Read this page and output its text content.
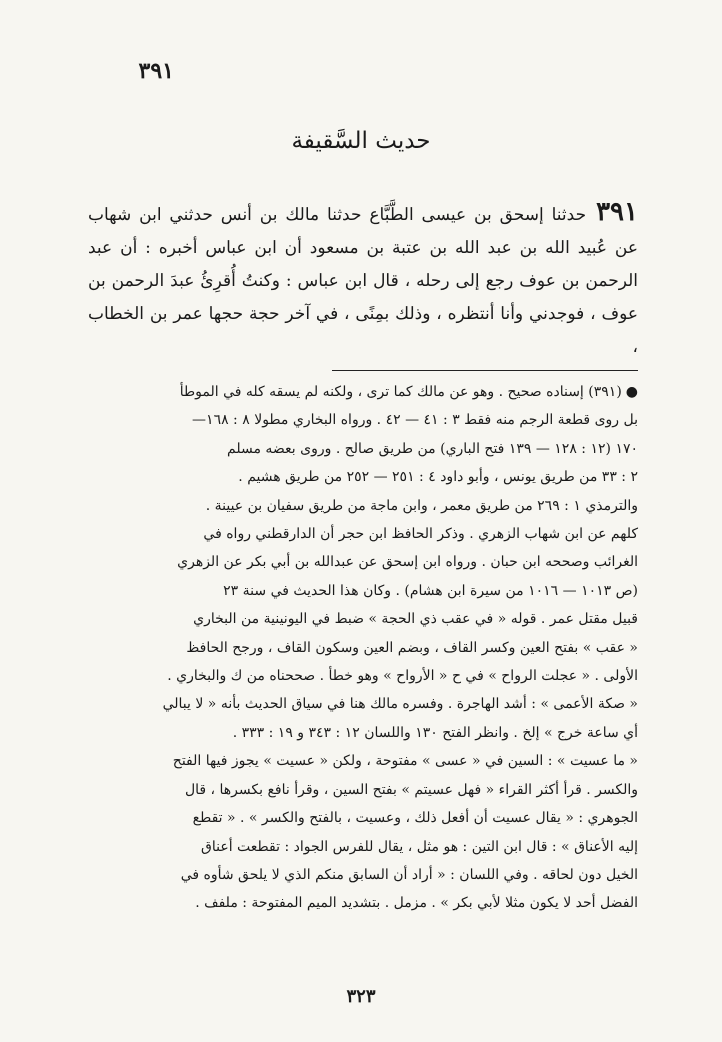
٣٩١
حديث السَّقيفة
٣٩١حدثنا إسحق بن عيسى الطَّبَّاع حدثنا مالك بن أنس حدثني ابن شهاب عن عُبيد الله بن عبد الله بن عتبة بن مسعود أن ابن عباس أخبره : أن عبد الرحمن بن عوف رجع إلى رحله ، قال ابن عباس : وكنتُ أُقرِئُ عبدَ الرحمن بن عوف ، فوجدني وأنا أنتظره ، وذلك بمِنًى ، في آخر حجة حجها عمر بن الخطاب ،

●(٣٩١) إسناده صحيح . وهو عن مالك كما ترى ، ولكنه لم يسقه كله في الموطأ

بل روى قطعة الرجم منه فقط ٣ : ٤١ — ٤٢ . ورواه البخاري مطولا ٨ : ١٦٨—

١٧٠ (١٢ : ١٢٨ — ١٣٩ فتح الباري) من طريق صالح . وروى بعضه مسلم

٢ : ٣٣ من طريق يونس ، وأبو داود ٤ : ٢٥١ — ٢٥٢ من طريق هشيم .

والترمذي ١ : ٢٦٩ من طريق معمر ، وابن ماجة من طريق سفيان بن عيينة .

كلهم عن ابن شهاب الزهري . وذكر الحافظ ابن حجر أن الدارقطني رواه في

الغرائب وصححه ابن حبان . ورواه ابن إسحق عن عبدالله بن أبي بكر عن الزهري

(ص ١٠١٣ — ١٠١٦ من سيرة ابن هشام) . وكان هذا الحديث في سنة ٢٣

قبيل مقتل عمر . قوله « في عقب ذي الحجة » ضبط في اليونينية من البخاري

« عقب » بفتح العين وكسر القاف ، وبضم العين وسكون القاف ، ورجح الحافظ

الأولى . « عجلت الرواح » في ح « الأرواح » وهو خطأ . صححناه من ك والبخاري .

« صكة الأعمى » : أشد الهاجرة . وفسره مالك هنا في سياق الحديث بأنه « لا يبالي

أي ساعة خرج » إلخ . وانظر الفتح ١٣٠ واللسان ١٢ : ٣٤٣ و ١٩ : ٣٣٣ .

« ما عسيت » : السين في « عسى » مفتوحة ، ولكن « عسيت » يجوز فيها الفتح

والكسر . قرأ أكثر القراء « فهل عسيتم » بفتح السين ، وقرأ نافع بكسرها ، قال

الجوهري : « يقال عسيت أن أفعل ذلك ، وعسيت ، بالفتح والكسر » . « تقطع

إليه الأعناق » : قال ابن التين : هو مثل ، يقال للفرس الجواد : تقطعت أعناق

الخيل دون لحاقه . وفي اللسان : « أراد أن السابق منكم الذي لا يلحق شأوه في

الفضل أحد لا يكون مثلا لأبي بكر » . مزمل . بتشديد الميم المفتوحة : ملفف .

٣٢٣
